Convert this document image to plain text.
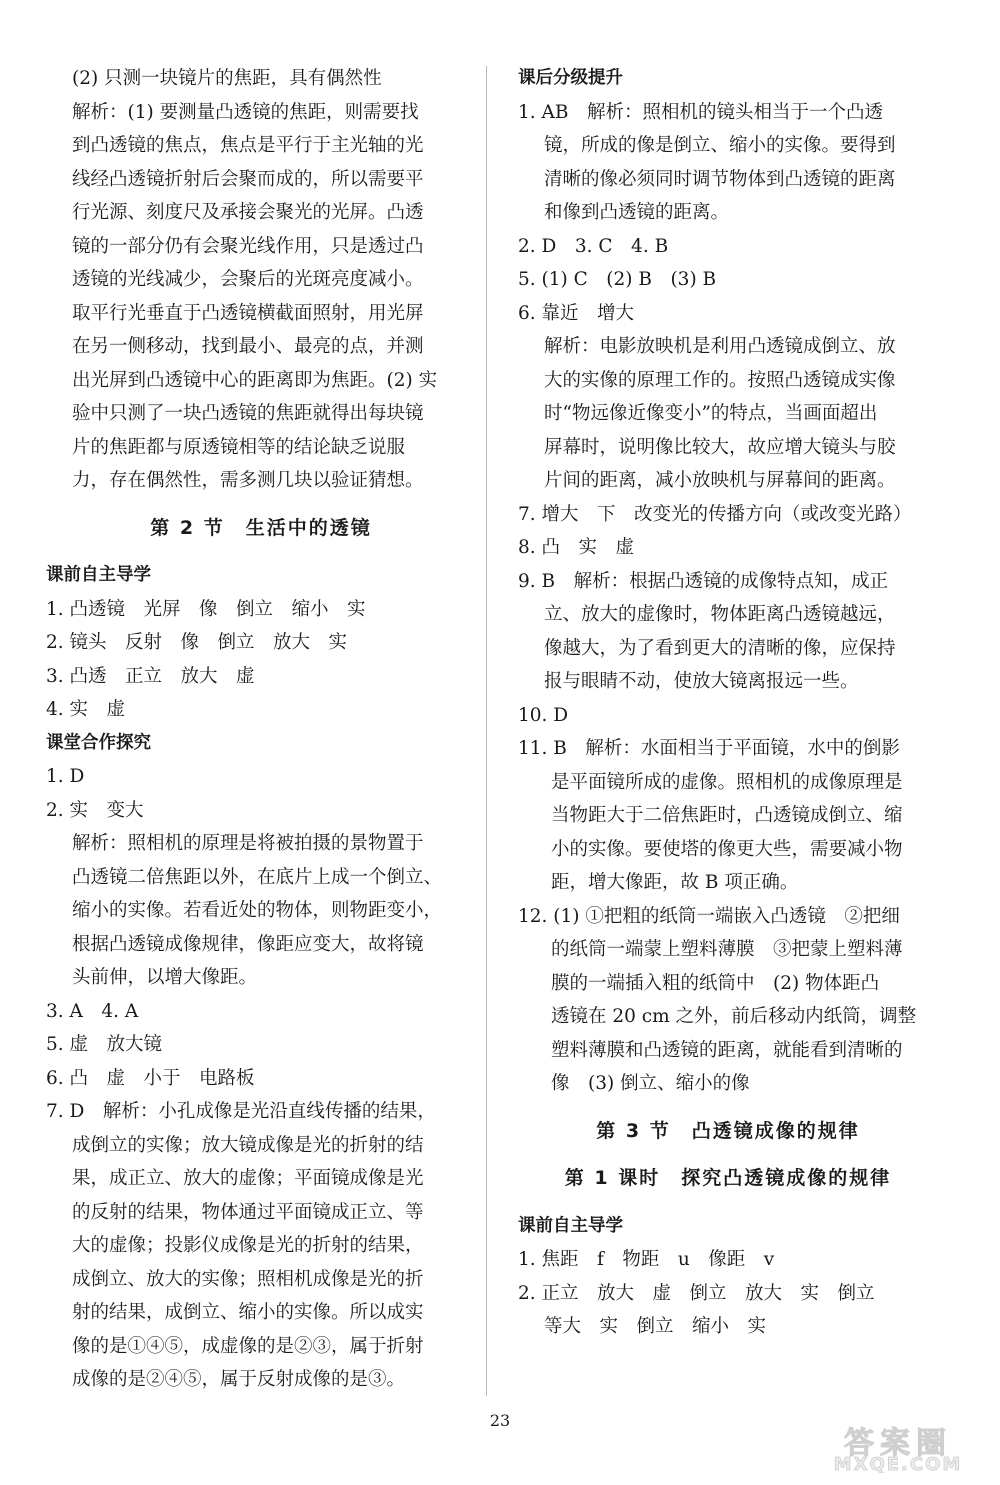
(2) 只测一块镜片的焦距，具有偶然性
解析：(1) 要测量凸透镜的焦距，则需要找
到凸透镜的焦点，焦点是平行于主光轴的光
线经凸透镜折射后会聚而成的，所以需要平
行光源、刻度尺及承接会聚光的光屏。凸透
镜的一部分仍有会聚光线作用，只是透过凸
透镜的光线减少，会聚后的光斑亮度减小。
取平行光垂直于凸透镜横截面照射，用光屏
在另一侧移动，找到最小、最亮的点，并测
出光屏到凸透镜中心的距离即为焦距。(2) 实
验中只测了一块凸透镜的焦距就得出每块镜
片的焦距都与原透镜相等的结论缺乏说服
力，存在偶然性，需多测几块以验证猜想。
第 2 节　生活中的透镜
课前自主导学
1. 凸透镜　光屏　像　倒立　缩小　实
2. 镜头　反射　像　倒立　放大　实
3. 凸透　正立　放大　虚
4. 实　虚
课堂合作探究
1. D
2. 实　变大
解析：照相机的原理是将被拍摄的景物置于
凸透镜二倍焦距以外，在底片上成一个倒立、
缩小的实像。若看近处的物体，则物距变小，
根据凸透镜成像规律，像距应变大，故将镜
头前伸，以增大像距。
3. A　4. A
5. 虚　放大镜
6. 凸　虚　小于　电路板
7. D　解析：小孔成像是光沿直线传播的结果，
成倒立的实像；放大镜成像是光的折射的结
果，成正立、放大的虚像；平面镜成像是光
的反射的结果，物体通过平面镜成正立、等
大的虚像；投影仪成像是光的折射的结果，
成倒立、放大的实像；照相机成像是光的折
射的结果，成倒立、缩小的实像。所以成实
像的是①④⑤，成虚像的是②③，属于折射
成像的是②④⑤，属于反射成像的是③。
课后分级提升
1. AB　解析：照相机的镜头相当于一个凸透
镜，所成的像是倒立、缩小的实像。要得到
清晰的像必须同时调节物体到凸透镜的距离
和像到凸透镜的距离。
2. D　3. C　4. B
5. (1) C　(2) B　(3) B
6. 靠近　增大
解析：电影放映机是利用凸透镜成倒立、放
大的实像的原理工作的。按照凸透镜成实像
时“物远像近像变小”的特点，当画面超出
屏幕时，说明像比较大，故应增大镜头与胶
片间的距离，减小放映机与屏幕间的距离。
7. 增大　下　改变光的传播方向（或改变光路）
8. 凸　实　虚
9. B　解析：根据凸透镜的成像特点知，成正
立、放大的虚像时，物体距离凸透镜越远，
像越大，为了看到更大的清晰的像，应保持
报与眼睛不动，使放大镜离报远一些。
10. D
11. B　解析：水面相当于平面镜，水中的倒影
是平面镜所成的虚像。照相机的成像原理是
当物距大于二倍焦距时，凸透镜成倒立、缩
小的实像。要使塔的像更大些，需要减小物
距，增大像距，故 B 项正确。
12. (1) ①把粗的纸筒一端嵌入凸透镜　②把细
的纸筒一端蒙上塑料薄膜　③把蒙上塑料薄
膜的一端插入粗的纸筒中　(2) 物体距凸
透镜在 20 cm 之外，前后移动内纸筒，调整
塑料薄膜和凸透镜的距离，就能看到清晰的
像　(3) 倒立、缩小的像
第 3 节　凸透镜成像的规律
第 1 课时　探究凸透镜成像的规律
课前自主导学
1. 焦距　f　物距　u　像距　v
2. 正立　放大　虚　倒立　放大　实　倒立
等大　实　倒立　缩小　实
23
答案圈
MXQE.COM
